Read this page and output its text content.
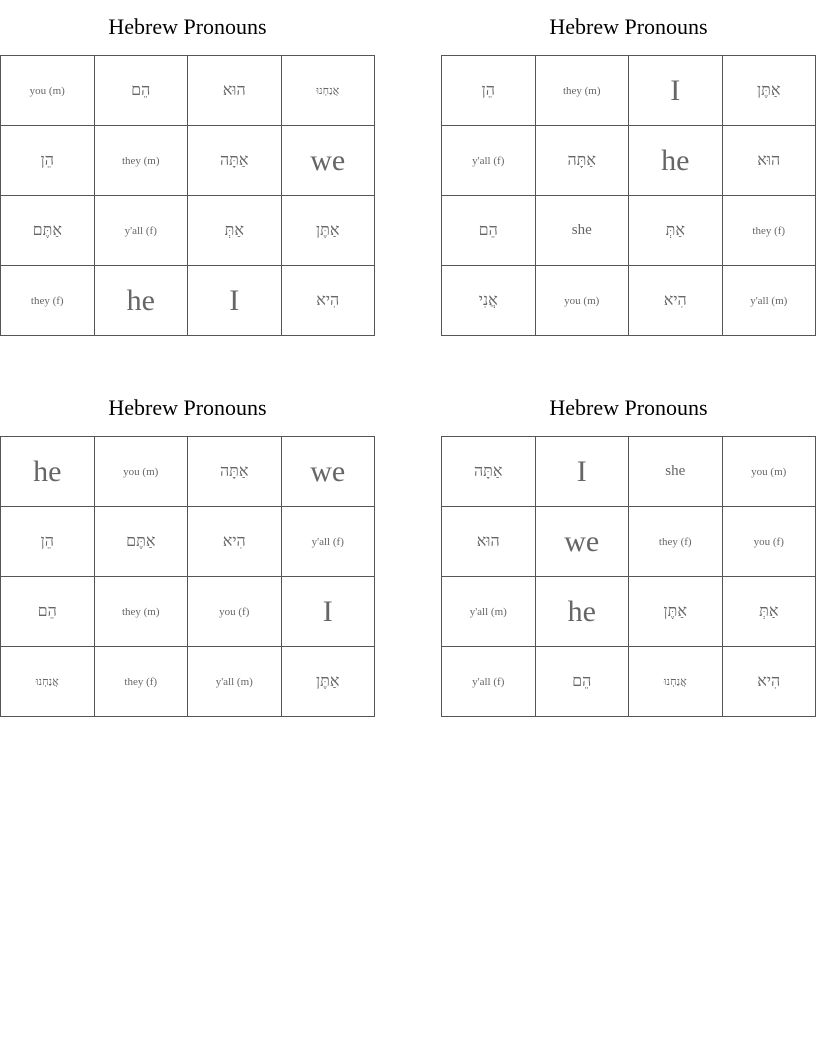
Hebrew Pronouns
you (m)	הֵם	הוּא	אֲנַחְנוּ
הֵן	they (m)	אַתָּה	we
אַתֶּם	y'all (f)	אַתְּ	אַתֶּן
they (f)	he	I	הִיא
Hebrew Pronouns
הֵן	they (m)	I	אַתֶּן
y'all (f)	אַתָּה	he	הוּא
הֵם	she	אַתְּ	they (f)
אֲנִי	you (m)	הִיא	y'all (m)
Hebrew Pronouns
he	you (m)	אַתָּה	we
הֵן	אַתֶּם	הִיא	y'all (f)
הֵם	they (m)	you (f)	I
אֲנַחְנוּ	they (f)	y'all (m)	אַתֶּן
Hebrew Pronouns
אַתָּה	I	she	you (m)
הוּא	we	they (f)	you (f)
y'all (m)	he	אַתֶּן	אַתְּ
y'all (f)	הֵם	אֲנַחְנוּ	הִיא
